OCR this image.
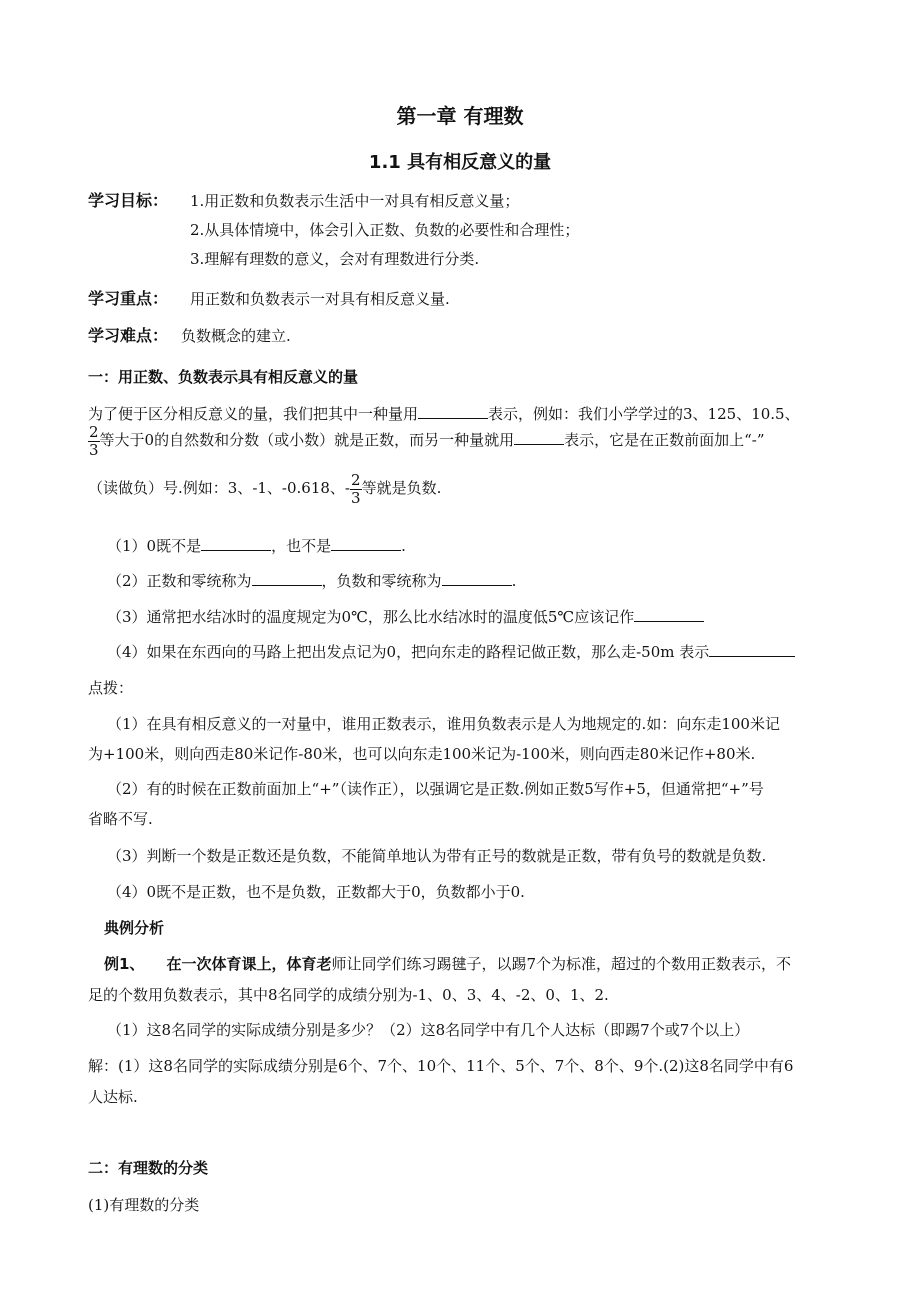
第一章 有理数
1.1 具有相反意义的量
学习目标： 1.用正数和负数表示生活中一对具有相反意义量；
2.从具体情境中，体会引入正数、负数的必要性和合理性；
3.理解有理数的意义，会对有理数进行分类.
学习重点： 用正数和负数表示一对具有相反意义量.
学习难点： 负数概念的建立.
一：用正数、负数表示具有相反意义的量
为了便于区分相反意义的量，我们把其中一种量用	表示，例如：我们小学学过的3、125、10.5、
$\frac{2}{3}$ 等大于0的自然数和分数（或小数）就是正数，而另一种量就用	表示，它是在正数前面加上“-”
（读做负）号.例如：3、-1、-0.618、- $\frac{2}{3}$ 等就是负数.
（1）0既不是	，也不是	.
（2）正数和零统称为	，负数和零统称为	.
（3）通常把水结冰时的温度规定为0℃，那么比水结冰时的温度低5℃应该记作
（4）如果在东西向的马路上把出发点记为0，把向东走的路程记做正数，那么走-50m 表示
点拨：
（1）在具有相反意义的一对量中，谁用正数表示，谁用负数表示是人为地规定的.如：向东走100米记
为+100米，则向西走80米记作-80米，也可以向东走100米记为-100米，则向西走80米记作+80米.
（2）有的时候在正数前面加上“+”（读作正），以强调它是正数.例如正数5写作+5，但通常把“+”号
省略不写.
（3）判断一个数是正数还是负数，不能简单地认为带有正号的数就是正数，带有负号的数就是负数.
（4）0既不是正数，也不是负数，正数都大于0，负数都小于0.
典例分析
例1、 在一次体育课上，体育老师让同学们练习踢毽子，以踢7个为标准，超过的个数用正数表示，不
足的个数用负数表示，其中8名同学的成绩分别为-1、0、3、4、-2、0、1、2.
（1）这8名同学的实际成绩分别是多少？（2）这8名同学中有几个人达标（即踢7个或7个以上）
解：(1）这8名同学的实际成绩分别是6个、7个、10个、11个、5个、7个、8个、9个.(2)这8名同学中有6
人达标.
二：有理数的分类
(1)有理数的分类
